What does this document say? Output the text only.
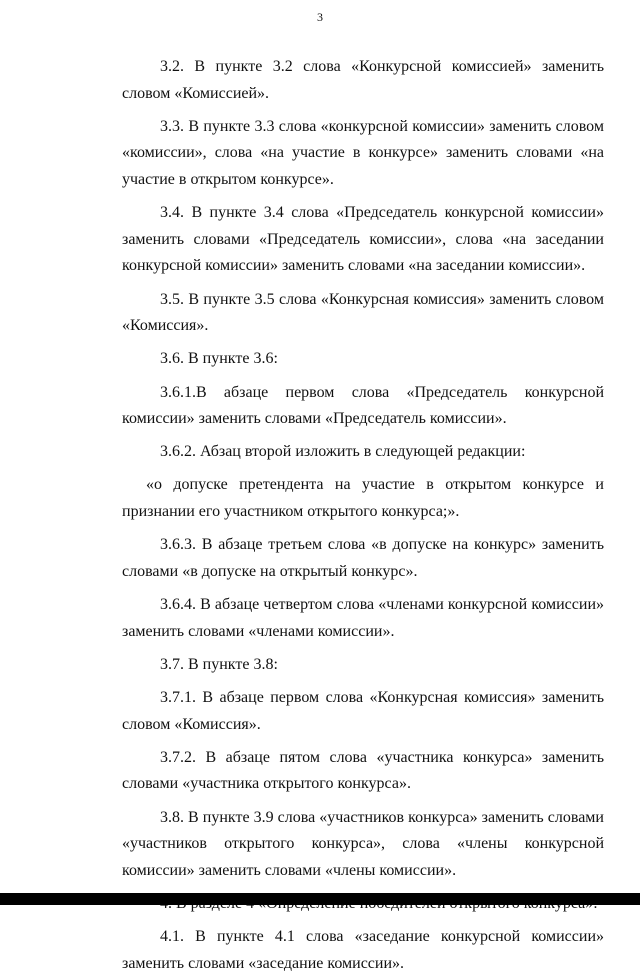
3

3.2. В пункте 3.2 слова «Конкурсной комиссией» заменить словом «Комиссией».

3.3. В пункте 3.3 слова «конкурсной комиссии» заменить словом «комиссии», слова «на участие в конкурсе» заменить словами «на участие в открытом конкурсе».

3.4. В пункте 3.4 слова «Председатель конкурсной комиссии» заменить словами «Председатель комиссии», слова «на заседании конкурсной комиссии» заменить словами «на заседании комиссии».

3.5. В пункте 3.5 слова «Конкурсная комиссия» заменить словом «Комиссия».

3.6. В пункте 3.6:

3.6.1.В абзаце первом слова «Председатель конкурсной комиссии» заменить словами «Председатель комиссии».

3.6.2. Абзац второй изложить в следующей редакции:

«о допуске претендента на участие в открытом конкурсе и признании его участником открытого конкурса;».

3.6.3. В абзаце третьем слова «в допуске на конкурс» заменить словами «в допуске на открытый конкурс».

3.6.4. В абзаце четвертом слова «членами конкурсной комиссии» заменить словами «членами комиссии».

3.7. В пункте 3.8:

3.7.1. В абзаце первом слова «Конкурсная комиссия» заменить словом «Комиссия».

3.7.2. В абзаце пятом слова «участника конкурса» заменить словами «участника открытого конкурса».

3.8. В пункте 3.9 слова «участников конкурса» заменить словами «участников открытого конкурса», слова «члены конкурсной комиссии» заменить словами «члены комиссии».

4.1. В пункте 4.1 слова «заседание конкурсной комиссии» заменить словами «заседание комиссии».
